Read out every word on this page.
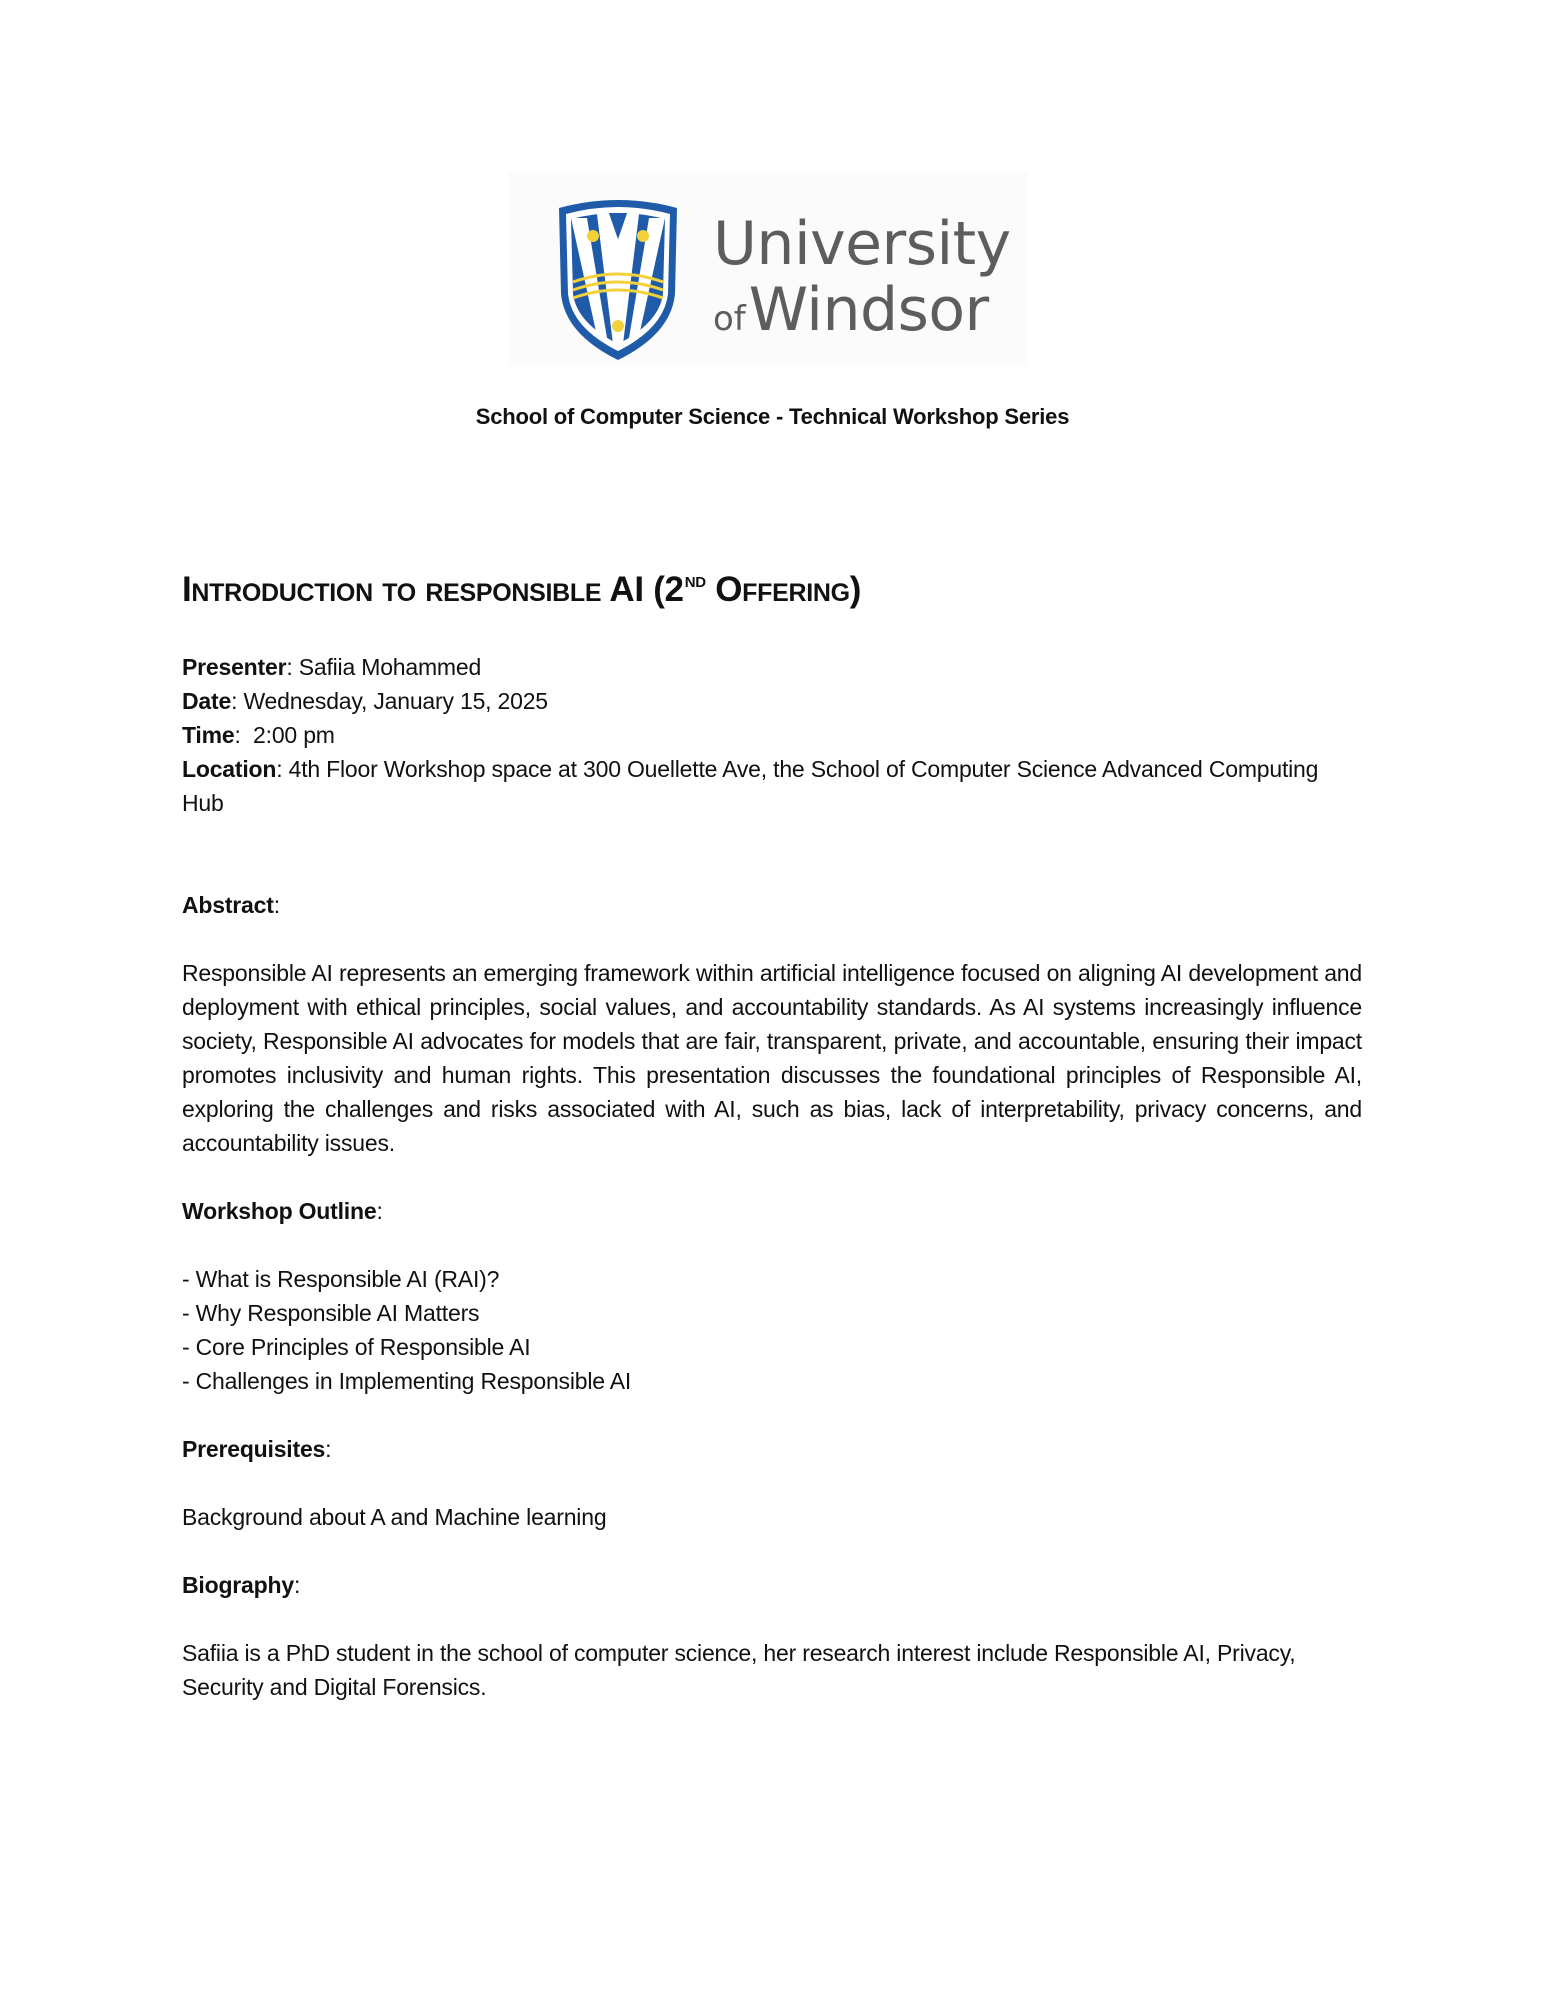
University
ofWindsor
School of Computer Science - Technical Workshop Series
Introduction to responsible AI (2ND Offering)

Presenter: Safiia Mohammed

Date: Wednesday, January 15, 2025

Time:  2:00 pm

Location: 4th Floor Workshop space at 300 Ouellette Ave, the School of Computer Science Advanced Computing Hub

Abstract:

Responsible AI represents an emerging framework within artificial intelligence focused on aligning AI development and deployment with ethical principles, social values, and accountability standards. As AI systems increasingly influence society, Responsible AI advocates for models that are fair, transparent, private, and accountable, ensuring their impact promotes inclusivity and human rights. This presentation discusses the foundational principles of Responsible AI, exploring the challenges and risks associated with AI, such as bias, lack of interpretability, privacy concerns, and accountability issues.

Workshop Outline:

- What is Responsible AI (RAI)?
- Why Responsible AI Matters
- Core Principles of Responsible AI
- Challenges in Implementing Responsible AI

Prerequisites:

Background about A and Machine learning

Biography:

Safiia is a PhD student in the school of computer science, her research interest include Responsible AI, Privacy, Security and Digital Forensics.
